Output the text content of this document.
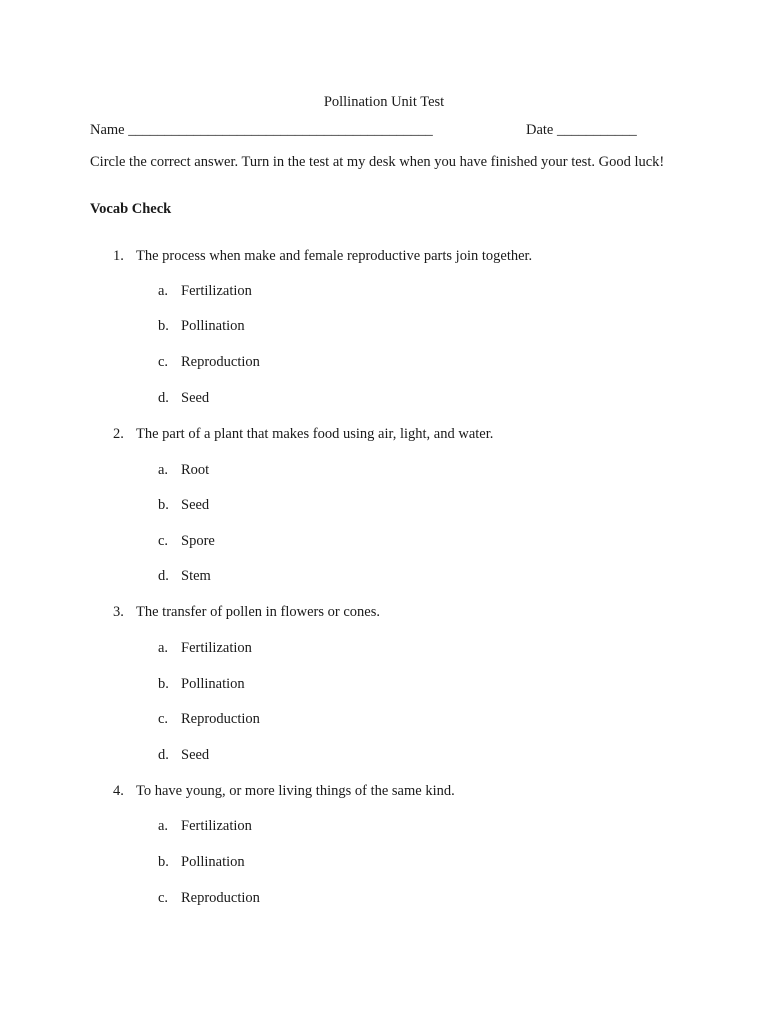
Pollination Unit Test
Name __________________________________________	Date ___________
Circle the correct answer. Turn in the test at my desk when you have finished your test. Good luck!
Vocab Check
1. The process when make and female reproductive parts join together.
a. Fertilization
b. Pollination
c. Reproduction
d. Seed
2. The part of a plant that makes food using air, light, and water.
a. Root
b. Seed
c. Spore
d. Stem
3. The transfer of pollen in flowers or cones.
a. Fertilization
b. Pollination
c. Reproduction
d. Seed
4. To have young, or more living things of the same kind.
a. Fertilization
b. Pollination
c. Reproduction
